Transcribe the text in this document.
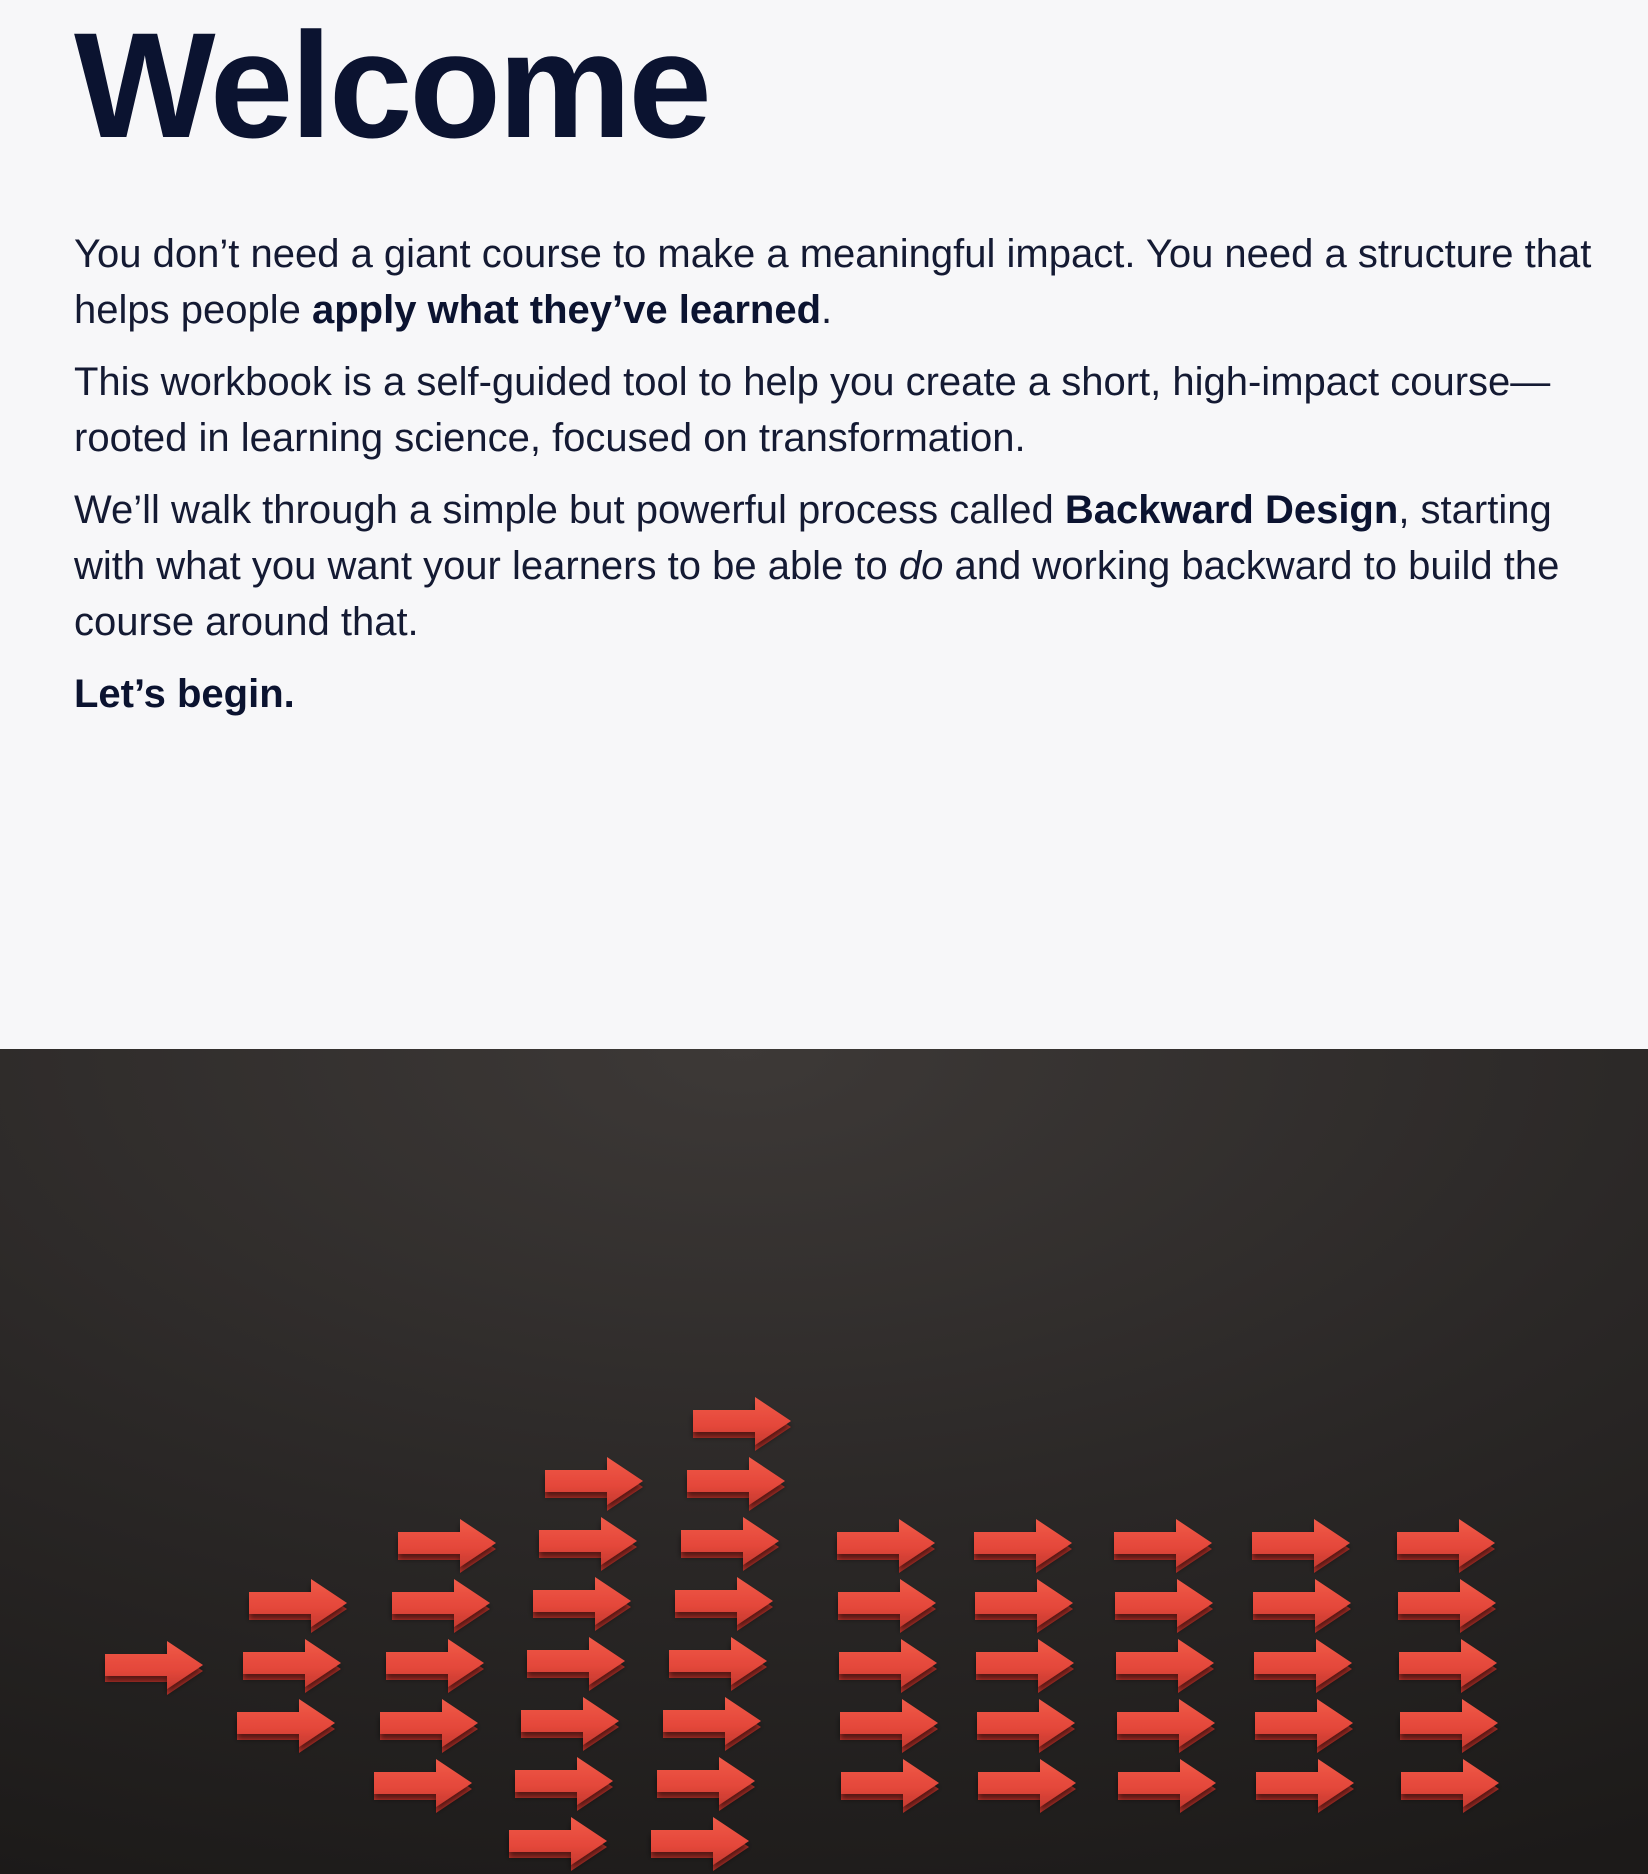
Welcome

You don’t need a giant course to make a meaningful impact. You need a structure that helps people apply what they’ve learned.

This workbook is a self-guided tool to help you create a short, high-impact course—rooted in learning science, focused on transformation.

We’ll walk through a simple but powerful process called Backward Design, starting with what you want your learners to be able to do and working backward to build the course around that.

Let’s begin.
